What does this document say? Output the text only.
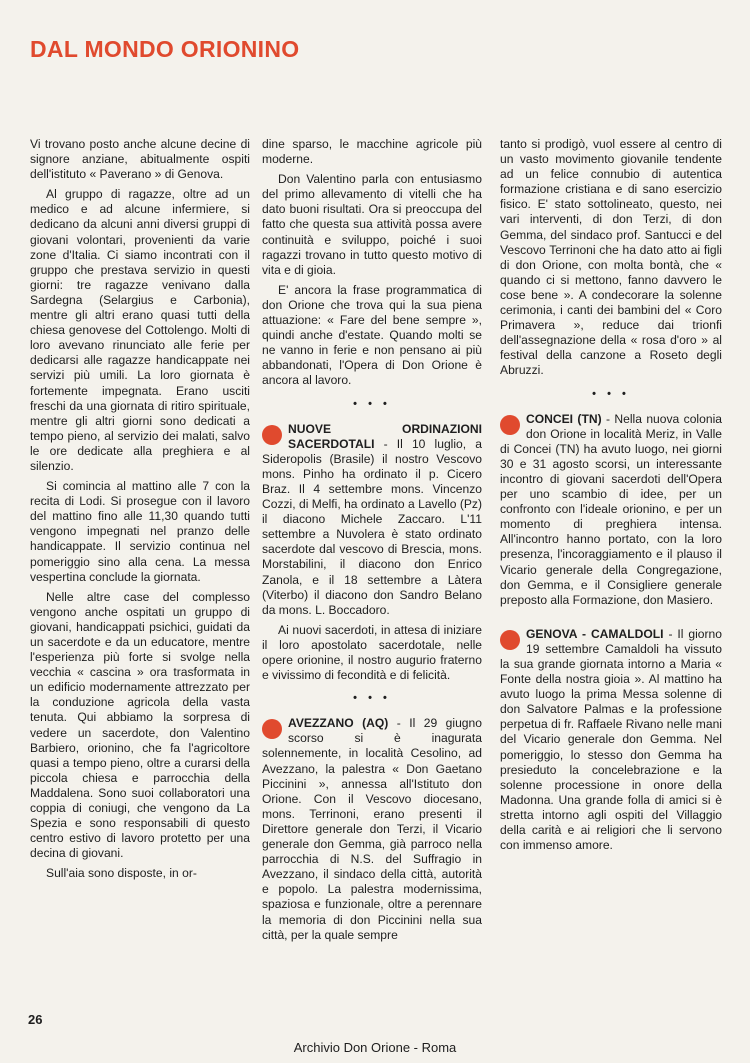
DAL MONDO ORIONINO

Vi trovano posto anche alcune decine di signore anziane, abitualmente ospiti dell'istituto « Paverano » di Genova.

Al gruppo di ragazze, oltre ad un medico e ad alcune infermiere, si dedicano da alcuni anni diversi gruppi di giovani volontari, provenienti da varie zone d'Italia. Ci siamo incontrati con il gruppo che prestava servizio in questi giorni: tre ragazze venivano dalla Sardegna (Selargius e Carbonia), mentre gli altri erano quasi tutti della chiesa genovese del Cottolengo. Molti di loro avevano rinunciato alle ferie per dedicarsi alle ragazze handicappate nei servizi più umili. La loro giornata è fortemente impegnata. Erano usciti freschi da una giornata di ritiro spirituale, mentre gli altri giorni sono dedicati a tempo pieno, al servizio dei malati, salvo le ore dedicate alla preghiera e al silenzio.

Si comincia al mattino alle 7 con la recita di Lodi. Si prosegue con il lavoro del mattino fino alle 11,30 quando tutti vengono impegnati nel pranzo delle handicappate. Il servizio continua nel pomeriggio sino alla cena. La messa vespertina conclude la giornata.

Nelle altre case del complesso vengono anche ospitati un gruppo di giovani, handicappati psichici, guidati da un sacerdote e da un educatore, mentre l'esperienza più forte si svolge nella vecchia « cascina » ora trasformata in un edificio modernamente attrezzato per la conduzione agricola della vasta tenuta. Qui abbiamo la sorpresa di vedere un sacerdote, don Valentino Barbiero, orionino, che fa l'agricoltore quasi a tempo pieno, oltre a curarsi della piccola chiesa e parrocchia della Maddalena. Sono suoi collaboratori una coppia di coniugi, che vengono da La Spezia e sono responsabili di questo centro estivo di lavoro protetto per una decina di giovani.

Sull'aia sono disposte, in or-

dine sparso, le macchine agricole più moderne.

Don Valentino parla con entusiasmo del primo allevamento di vitelli che ha dato buoni risultati. Ora si preoccupa del fatto che questa sua attività possa avere continuità e sviluppo, poiché i suoi ragazzi trovano in tutto questo motivo di vita e di gioia.

E' ancora la frase programmatica di don Orione che trova qui la sua piena attuazione: « Fare del bene sempre », quindi anche d'estate. Quando molti se ne vanno in ferie e non pensano ai più abbandonati, l'Opera di Don Orione è ancora al lavoro.

• • •

NUOVE ORDINAZIONI SACERDOTALI - Il 10 luglio, a Sideropolis (Brasile) il nostro Vescovo mons. Pinho ha ordinato il p. Cicero Braz. Il 4 settembre mons. Vincenzo Cozzi, di Melfi, ha ordinato a Lavello (Pz) il diacono Michele Zaccaro. L'11 settembre a Nuvolera è stato ordinato sacerdote dal vescovo di Brescia, mons. Morstabilini, il diacono don Enrico Zanola, e il 18 settembre a Làtera (Viterbo) il diacono don Sandro Belano da mons. L. Boccadoro.

Ai nuovi sacerdoti, in attesa di iniziare il loro apostolato sacerdotale, nelle opere orionine, il nostro augurio fraterno e vivissimo di fecondità e di felicità.

• • •

AVEZZANO (AQ) - Il 29 giugno scorso si è inagurata solennemente, in località Cesolino, ad Avezzano, la palestra « Don Gaetano Piccinini », annessa all'Istituto don Orione. Con il Vescovo diocesano, mons. Terrinoni, erano presenti il Direttore generale don Terzi, il Vicario generale don Gemma, già parroco nella parrocchia di N.S. del Suffragio in Avezzano, il sindaco della città, autorità e popolo. La palestra modernissima, spaziosa e funzionale, oltre a perennare la memoria di don Piccinini nella sua città, per la quale sempre

tanto si prodigò, vuol essere al centro di un vasto movimento giovanile tendente ad un felice connubio di autentica formazione cristiana e di sano esercizio fisico. E' stato sottolineato, questo, nei vari interventi, di don Terzi, di don Gemma, del sindaco prof. Santucci e del Vescovo Terrinoni che ha dato atto ai figli di don Orione, con molta bontà, che « quando ci si mettono, fanno davvero le cose bene ». A condecorare la solenne cerimonia, i canti dei bambini del « Coro Primavera », reduce dai trionfi dell'assegnazione della « rosa d'oro » al festival della canzone a Roseto degli Abruzzi.

• • •

CONCEI (TN) - Nella nuova colonia don Orione in località Meriz, in Valle di Concei (TN) ha avuto luogo, nei giorni 30 e 31 agosto scorsi, un interessante incontro di giovani sacerdoti dell'Opera per uno scambio di idee, per un confronto con l'ideale orionino, e per un momento di preghiera intensa. All'incontro hanno portato, con la loro presenza, l'incoraggiamento e il plauso il Vicario generale della Congregazione, don Gemma, e il Consigliere generale preposto alla Formazione, don Masiero.

GENOVA - CAMALDOLI - Il giorno 19 settembre Camaldoli ha vissuto la sua grande giornata intorno a Maria « Fonte della nostra gioia ». Al mattino ha avuto luogo la prima Messa solenne di don Salvatore Palmas e la professione perpetua di fr. Raffaele Rivano nelle mani del Vicario generale don Gemma. Nel pomeriggio, lo stesso don Gemma ha presieduto la concelebrazione e la solenne processione in onore della Madonna. Una grande folla di amici si è stretta intorno agli ospiti del Villaggio della carità e ai religiori che li servono con immenso amore.

26
Archivio Don Orione - Roma
